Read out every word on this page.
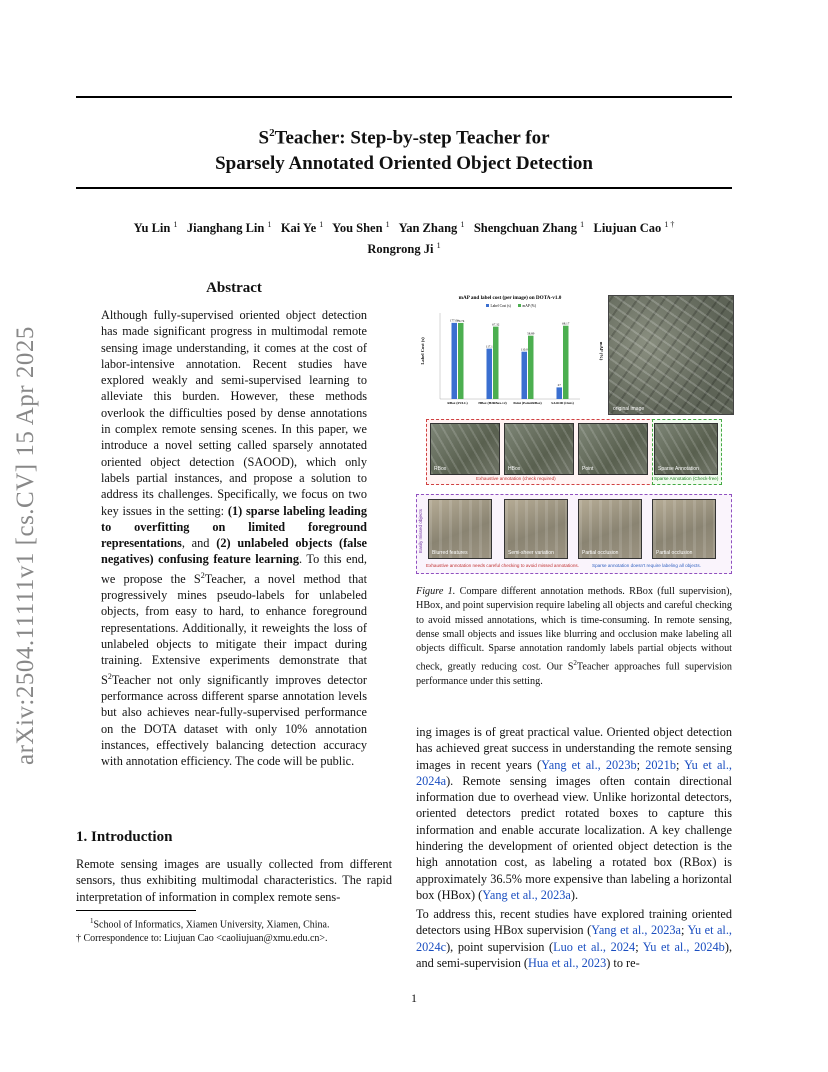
arXiv:2504.11111v1 [cs.CV] 15 Apr 2025
$S^2Teacher$: Step-by-step Teacher for
Sparsely Annotated Oriented Object Detection
Yu Lin $^1$ Jianghang Lin $^1$ Kai Ye $^1$ You Shen $^1$ Yan Zhang $^1$ Shengchuan Zhang $^1$ Liujuan Cao $^{1 \dagger}$
Rongrong Ji $^1$
Abstract
Although fully-supervised oriented object detection has made significant progress in multimodal remote sensing image understanding, it comes at the cost of labor-intensive annotation. Recent studies have explored weakly and semi-supervised learning to alleviate this burden. However, these methods overlook the difficulties posed by dense annotations in complex remote sensing scenes. In this paper, we introduce a novel setting called sparsely annotated oriented object detection (SAOOD), which only labels partial instances, and propose a solution to address its challenges. Specifically, we focus on two key issues in the setting: (1) sparse labeling leading to overfitting on limited foreground representations, and (2) unlabeled objects (false negatives) confusing feature learning. To this end, we propose the $S^2Teacher$, a novel method that progressively mines pseudo-labels for unlabeled objects, from easy to hard, to enhance foreground representations. Additionally, it reweights the loss of unlabeled objects to mitigate their impact during training. Extensive experiments demonstrate that $S^2Teacher$ not only significantly improves detector performance across different sparse annotation levels but also achieves near-fully-supervised performance on the DOTA dataset with only 10% annotation instances, effectively balancing detection accuracy with annotation efficiency. The code will be public.
1. Introduction
Remote sensing images are usually collected from different sensors, thus exhibiting multimodal characteristics. The rapid interpretation of information in complex remote sens-
$^1$School of Informatics, Xiamen University, Xiamen, China.
† Correspondence to: Liujuan Cao <caoliujuan@xmu.edu.cn>.
mAP and label cost (per image) on DOTA-v1.0
Label Cost (s)	mAP (%)
Label Cost (s)	mAP (%)
177.06
70.74
117.1
67.32
110.0
58.89
27
68.17
RBox (FULL)	HBox (H2RBox-v2) Point (Point2RBox)	SAOOD (Ours)
original image
RBox	HBox	Point	Sparse Annotation
Exhaustive annotation (check required)	Sparse Annotation (Check-free)
Easily missed objects Blurred features	Semi-sheer variation	Partial occlusion	Partial occlusion
Exhaustive annotation needs careful checking to avoid missed annotations.	Sparse annotation doesn't require labeling all objects.
Figure 1. Compare different annotation methods. RBox (full supervision), HBox, and point supervision require labeling all objects and careful checking to avoid missed annotations, which is time-consuming. In remote sensing, dense small objects and issues like blurring and occlusion make labeling all objects difficult. Sparse annotation randomly labels partial objects without check, greatly reducing cost. Our $S^2Teacher$ approaches full supervision performance under this setting.
ing images is of great practical value. Oriented object detection has achieved great success in understanding the remote sensing images in recent years (Yang et al., 2023b; 2021b; Yu et al., 2024a). Remote sensing images often contain directional information due to overhead view. Unlike horizontal detectors, oriented detectors predict rotated boxes to capture this information and enable accurate localization. A key challenge hindering the development of oriented object detection is the high annotation cost, as labeling a rotated box (RBox) is approximately 36.5% more expensive than labeling a horizontal box (HBox) (Yang et al., 2023a).
To address this, recent studies have explored training oriented detectors using HBox supervision (Yang et al., 2023a; Yu et al., 2024c), point supervision (Luo et al., 2024; Yu et al., 2024b), and semi-supervision (Hua et al., 2023) to re-
1
